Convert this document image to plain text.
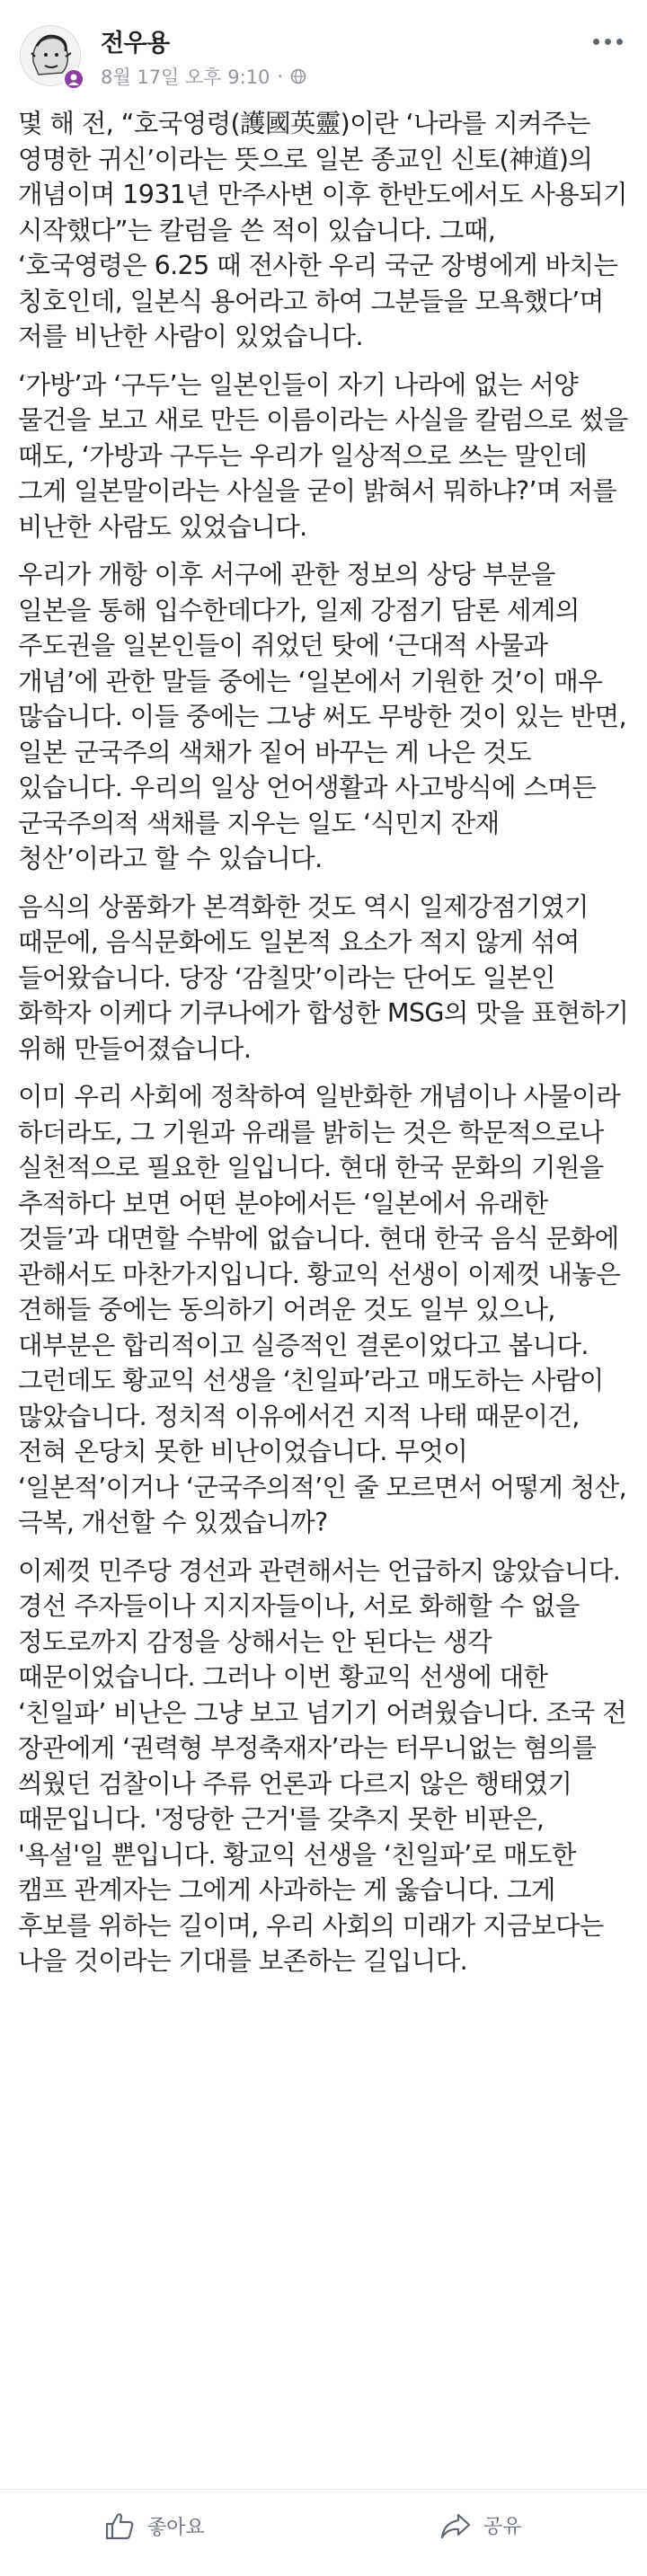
전우용
8월 17일 오후 9:10 ·

몇 해 전, “호국영령(護國英靈)이란 ‘나라를 지켜주는 영명한 귀신’이라는 뜻으로 일본 종교인 신토(神道)의 개념이며 1931년 만주사변 이후 한반도에서도 사용되기 시작했다”는 칼럼을 쓴 적이 있습니다. 그때, ‘호국영령은 6.25 때 전사한 우리 국군 장병에게 바치는 칭호인데, 일본식 용어라고 하여 그분들을 모욕했다’며 저를 비난한 사람이 있었습니다.

‘가방’과 ‘구두’는 일본인들이 자기 나라에 없는 서양 물건을 보고 새로 만든 이름이라는 사실을 칼럼으로 썼을 때도, ‘가방과 구두는 우리가 일상적으로 쓰는 말인데 그게 일본말이라는 사실을 굳이 밝혀서 뭐하냐?’며 저를 비난한 사람도 있었습니다.

우리가 개항 이후 서구에 관한 정보의 상당 부분을 일본을 통해 입수한데다가, 일제 강점기 담론 세계의 주도권을 일본인들이 쥐었던 탓에 ‘근대적 사물과 개념’에 관한 말들 중에는 ‘일본에서 기원한 것’이 매우 많습니다. 이들 중에는 그냥 써도 무방한 것이 있는 반면, 일본 군국주의 색채가 짙어 바꾸는 게 나은 것도 있습니다. 우리의 일상 언어생활과 사고방식에 스며든 군국주의적 색채를 지우는 일도 ‘식민지 잔재 청산’이라고 할 수 있습니다.

음식의 상품화가 본격화한 것도 역시 일제강점기였기 때문에, 음식문화에도 일본적 요소가 적지 않게 섞여 들어왔습니다. 당장 ‘감칠맛’이라는 단어도 일본인 화학자 이케다 기쿠나에가 합성한 MSG의 맛을 표현하기 위해 만들어졌습니다.

이미 우리 사회에 정착하여 일반화한 개념이나 사물이라 하더라도, 그 기원과 유래를 밝히는 것은 학문적으로나 실천적으로 필요한 일입니다. 현대 한국 문화의 기원을 추적하다 보면 어떤 분야에서든 ‘일본에서 유래한 것들’과 대면할 수밖에 없습니다. 현대 한국 음식 문화에 관해서도 마찬가지입니다. 황교익 선생이 이제껏 내놓은 견해들 중에는 동의하기 어려운 것도 일부 있으나, 대부분은 합리적이고 실증적인 결론이었다고 봅니다. 그런데도 황교익 선생을 ‘친일파’라고 매도하는 사람이 많았습니다. 정치적 이유에서건 지적 나태 때문이건, 전혀 온당치 못한 비난이었습니다. 무엇이 ‘일본적’이거나 ‘군국주의적’인 줄 모르면서 어떻게 청산, 극복, 개선할 수 있겠습니까?

이제껏 민주당 경선과 관련해서는 언급하지 않았습니다. 경선 주자들이나 지지자들이나, 서로 화해할 수 없을 정도로까지 감정을 상해서는 안 된다는 생각 때문이었습니다. 그러나 이번 황교익 선생에 대한 ‘친일파’ 비난은 그냥 보고 넘기기 어려웠습니다. 조국 전 장관에게 ‘권력형 부정축재자’라는 터무니없는 혐의를 씌웠던 검찰이나 주류 언론과 다르지 않은 행태였기 때문입니다. '정당한 근거'를 갖추지 못한 비판은, '욕설'일 뿐입니다. 황교익 선생을 ‘친일파’로 매도한 캠프 관계자는 그에게 사과하는 게 옳습니다. 그게 후보를 위하는 길이며, 우리 사회의 미래가 지금보다는 나을 것이라는 기대를 보존하는 길입니다.

좋아요	공유
